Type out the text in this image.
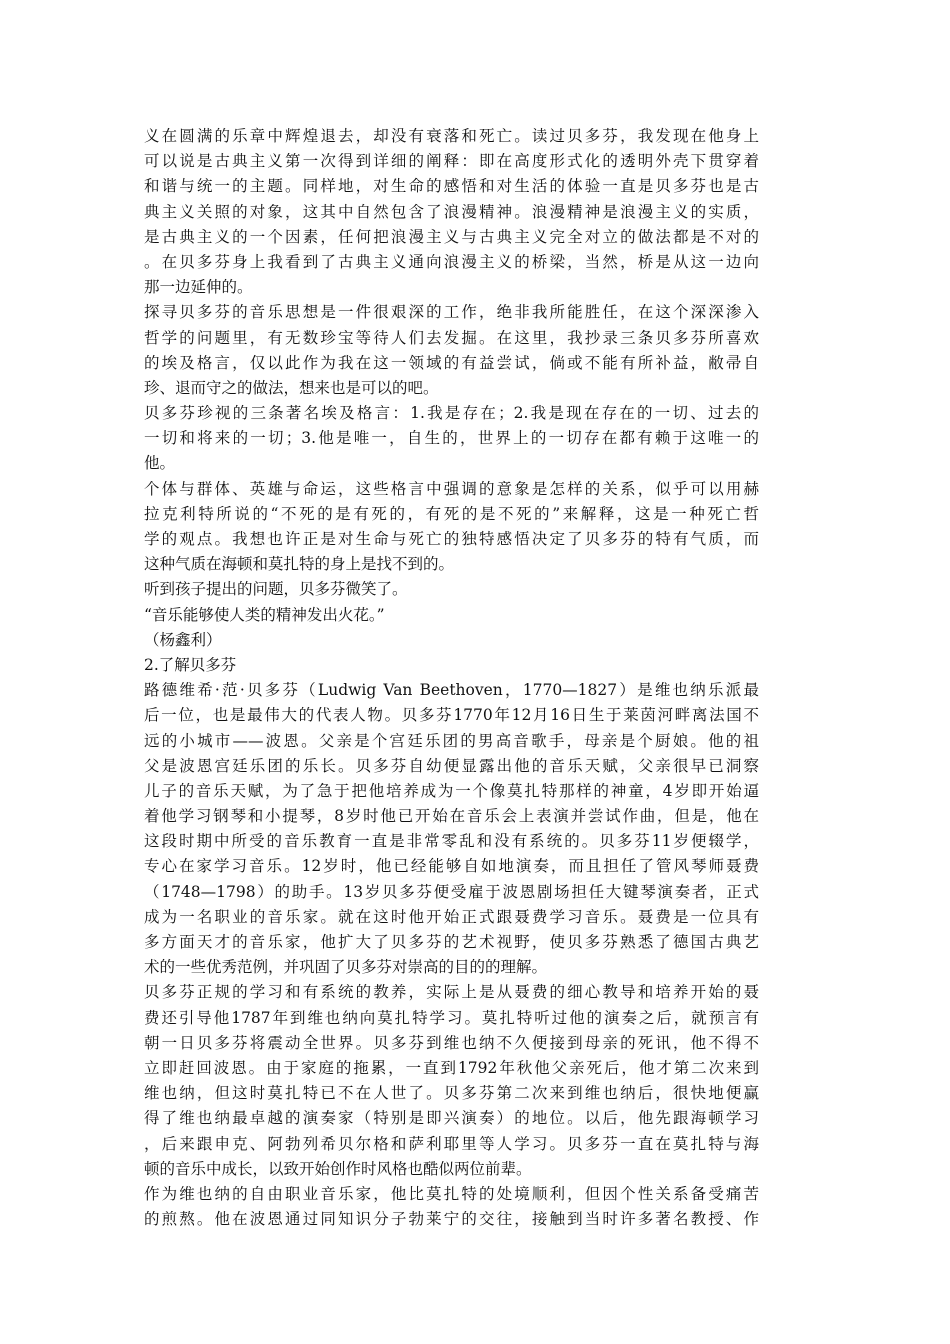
义在圆满的乐章中辉煌退去，却没有衰落和死亡。读过贝多芬，我发现在他身上
可以说是古典主义第一次得到详细的阐释：即在高度形式化的透明外壳下贯穿着
和谐与统一的主题。同样地，对生命的感悟和对生活的体验一直是贝多芬也是古
典主义关照的对象，这其中自然包含了浪漫精神。浪漫精神是浪漫主义的实质，
是古典主义的一个因素，任何把浪漫主义与古典主义完全对立的做法都是不对的
。在贝多芬身上我看到了古典主义通向浪漫主义的桥梁，当然，桥是从这一边向
那一边延伸的。
探寻贝多芬的音乐思想是一件很艰深的工作，绝非我所能胜任，在这个深深渗入
哲学的问题里，有无数珍宝等待人们去发掘。在这里，我抄录三条贝多芬所喜欢
的埃及格言，仅以此作为我在这一领域的有益尝试，倘或不能有所补益，敝帚自
珍、退而守之的做法，想来也是可以的吧。
贝多芬珍视的三条著名埃及格言：1.我是存在；2.我是现在存在的一切、过去的
一切和将来的一切；3.他是唯一，自生的，世界上的一切存在都有赖于这唯一的
他。
个体与群体、英雄与命运，这些格言中强调的意象是怎样的关系，似乎可以用赫
拉克利特所说的“不死的是有死的，有死的是不死的”来解释，这是一种死亡哲
学的观点。我想也许正是对生命与死亡的独特感悟决定了贝多芬的特有气质，而
这种气质在海顿和莫扎特的身上是找不到的。
听到孩子提出的问题，贝多芬微笑了。
“音乐能够使人类的精神发出火花。”
（杨鑫利）
2.了解贝多芬
路德维希·范·贝多芬（Ludwig Van Beethoven，1770—1827）是维也纳乐派最
后一位，也是最伟大的代表人物。贝多芬1770年12月16日生于莱茵河畔离法国不
远的小城市——波恩。父亲是个宫廷乐团的男高音歌手，母亲是个厨娘。他的祖
父是波恩宫廷乐团的乐长。贝多芬自幼便显露出他的音乐天赋，父亲很早已洞察
儿子的音乐天赋，为了急于把他培养成为一个像莫扎特那样的神童，4岁即开始逼
着他学习钢琴和小提琴，8岁时他已开始在音乐会上表演并尝试作曲，但是，他在
这段时期中所受的音乐教育一直是非常零乱和没有系统的。贝多芬11岁便辍学，
专心在家学习音乐。12岁时，他已经能够自如地演奏，而且担任了管风琴师聂费
（1748—1798）的助手。13岁贝多芬便受雇于波恩剧场担任大键琴演奏者，正式
成为一名职业的音乐家。就在这时他开始正式跟聂费学习音乐。聂费是一位具有
多方面天才的音乐家，他扩大了贝多芬的艺术视野，使贝多芬熟悉了德国古典艺
术的一些优秀范例，并巩固了贝多芬对崇高的目的的理解。
贝多芬正规的学习和有系统的教养，实际上是从聂费的细心教导和培养开始的聂
费还引导他1787年到维也纳向莫扎特学习。莫扎特听过他的演奏之后，就预言有
朝一日贝多芬将震动全世界。贝多芬到维也纳不久便接到母亲的死讯，他不得不
立即赶回波恩。由于家庭的拖累，一直到1792年秋他父亲死后，他才第二次来到
维也纳，但这时莫扎特已不在人世了。贝多芬第二次来到维也纳后，很快地便赢
得了维也纳最卓越的演奏家（特别是即兴演奏）的地位。以后，他先跟海顿学习
，后来跟申克、阿勃列希贝尔格和萨利耶里等人学习。贝多芬一直在莫扎特与海
顿的音乐中成长，以致开始创作时风格也酷似两位前辈。
作为维也纳的自由职业音乐家，他比莫扎特的处境顺利，但因个性关系备受痛苦
的煎熬。他在波恩通过同知识分子勃莱宁的交往，接触到当时许多著名教授、作
